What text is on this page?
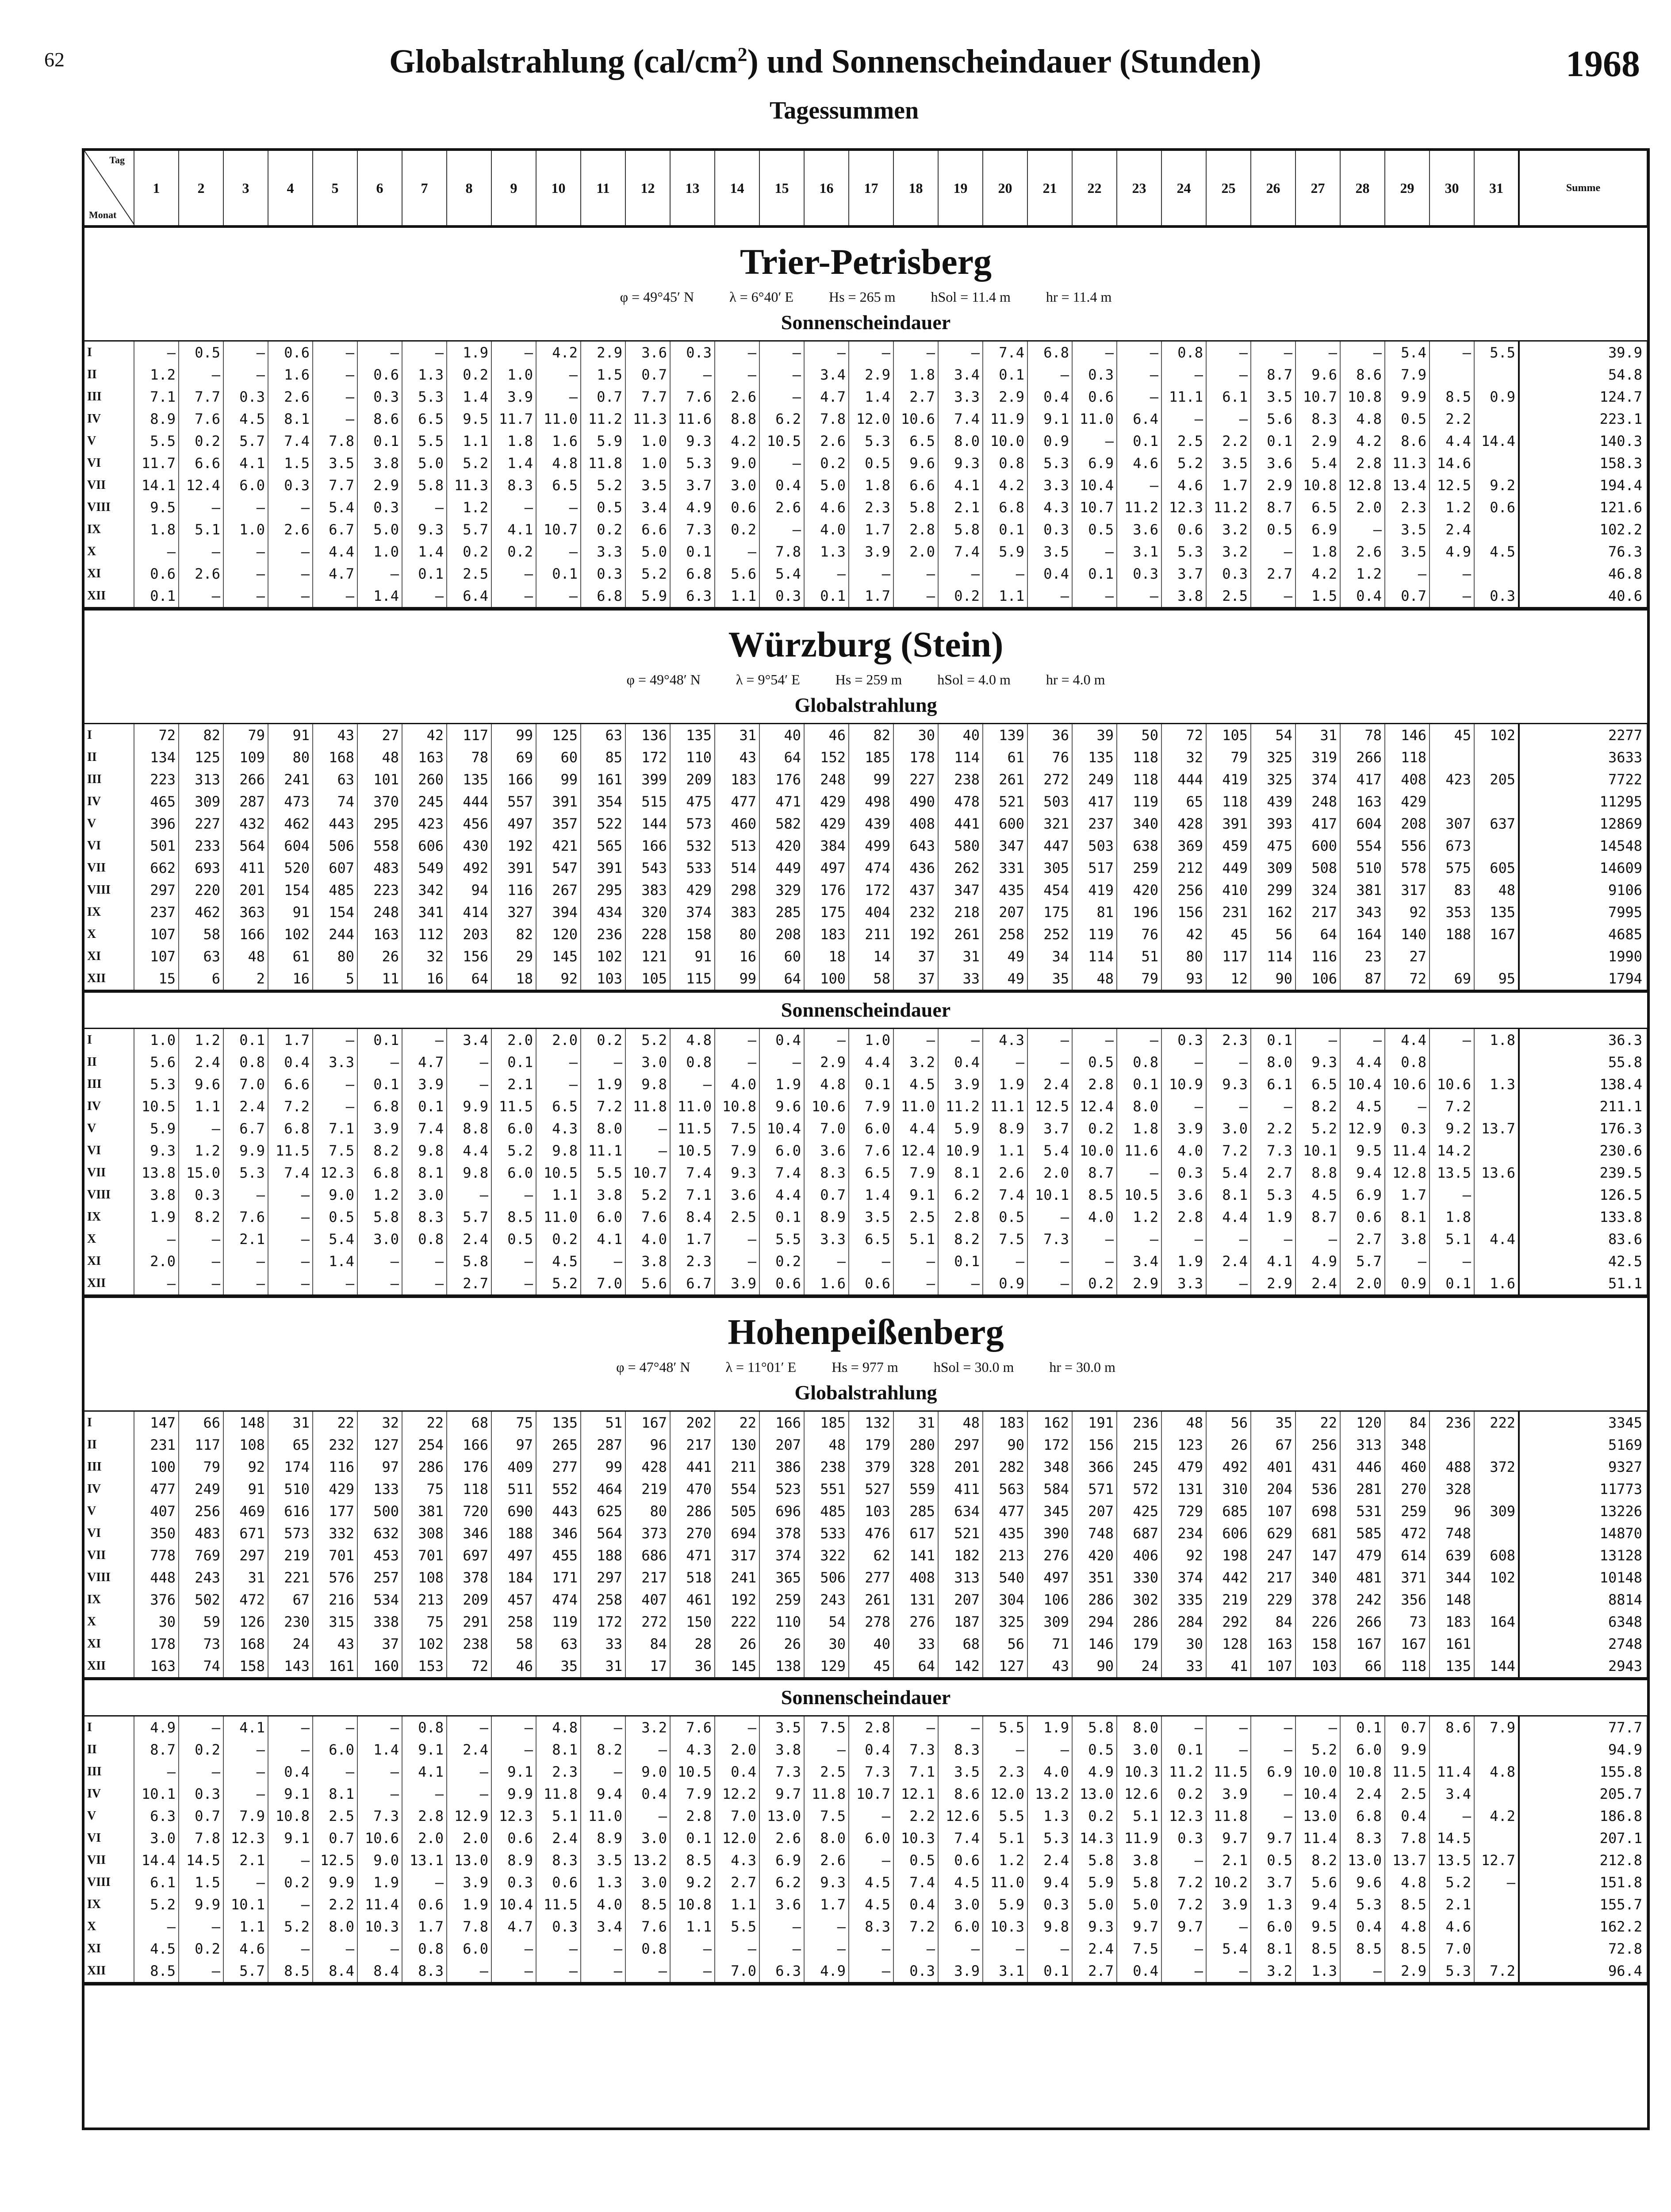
62	Globalstrahlung $(cal/cm^2)$ und Sonnenscheindauer (Stunden)	1968
Tagessummen
Tag
Monat
	1	2	3	4	5	6	7	8	9	10	11	12	13	14	15	16	17	18	19	20	21	22	23	24	25	26	27	28	29	30	31	Summe
Trier-Petrisberg
φ = 49°45′ N	λ = 6°40′ E	Hs = 265 m	hSol = 11.4 m	hr = 11.4 m
Sonnenscheindauer
I	–	0.5	–	0.6	–	–	–	1.9	–	4.2	2.9	3.6	0.3	–	–	–	–	–	–	7.4	6.8	–	–	0.8	–	–	–	–	5.4	–	5.5	39.9
II	1.2	–	–	1.6	–	0.6	1.3	0.2	1.0	–	1.5	0.7	–	–	–	3.4	2.9	1.8	3.4	0.1	–	0.3	–	–	–	8.7	9.6	8.6	7.9			54.8
III	7.1	7.7	0.3	2.6	–	0.3	5.3	1.4	3.9	–	0.7	7.7	7.6	2.6	–	4.7	1.4	2.7	3.3	2.9	0.4	0.6	–	11.1	6.1	3.5	10.7	10.8	9.9	8.5	0.9	124.7
IV	8.9	7.6	4.5	8.1	–	8.6	6.5	9.5	11.7	11.0	11.2	11.3	11.6	8.8	6.2	7.8	12.0	10.6	7.4	11.9	9.1	11.0	6.4	–	–	5.6	8.3	4.8	0.5	2.2		223.1
V	5.5	0.2	5.7	7.4	7.8	0.1	5.5	1.1	1.8	1.6	5.9	1.0	9.3	4.2	10.5	2.6	5.3	6.5	8.0	10.0	0.9	–	0.1	2.5	2.2	0.1	2.9	4.2	8.6	4.4	14.4	140.3
VI	11.7	6.6	4.1	1.5	3.5	3.8	5.0	5.2	1.4	4.8	11.8	1.0	5.3	9.0	–	0.2	0.5	9.6	9.3	0.8	5.3	6.9	4.6	5.2	3.5	3.6	5.4	2.8	11.3	14.6		158.3
VII	14.1	12.4	6.0	0.3	7.7	2.9	5.8	11.3	8.3	6.5	5.2	3.5	3.7	3.0	0.4	5.0	1.8	6.6	4.1	4.2	3.3	10.4	–	4.6	1.7	2.9	10.8	12.8	13.4	12.5	9.2	194.4
VIII	9.5	–	–	–	5.4	0.3	–	1.2	–	–	0.5	3.4	4.9	0.6	2.6	4.6	2.3	5.8	2.1	6.8	4.3	10.7	11.2	12.3	11.2	8.7	6.5	2.0	2.3	1.2	0.6	121.6
IX	1.8	5.1	1.0	2.6	6.7	5.0	9.3	5.7	4.1	10.7	0.2	6.6	7.3	0.2	–	4.0	1.7	2.8	5.8	0.1	0.3	0.5	3.6	0.6	3.2	0.5	6.9	–	3.5	2.4		102.2
X	–	–	–	–	4.4	1.0	1.4	0.2	0.2	–	3.3	5.0	0.1	–	7.8	1.3	3.9	2.0	7.4	5.9	3.5	–	3.1	5.3	3.2	–	1.8	2.6	3.5	4.9	4.5	76.3
XI	0.6	2.6	–	–	4.7	–	0.1	2.5	–	0.1	0.3	5.2	6.8	5.6	5.4	–	–	–	–	–	0.4	0.1	0.3	3.7	0.3	2.7	4.2	1.2	–	–		46.8
XII	0.1	–	–	–	–	1.4	–	6.4	–	–	6.8	5.9	6.3	1.1	0.3	0.1	1.7	–	0.2	1.1	–	–	–	3.8	2.5	–	1.5	0.4	0.7	–	0.3	40.6
Würzburg (Stein)
φ = 49°48′ N	λ = 9°54′ E	Hs = 259 m	hSol = 4.0 m	hr = 4.0 m
Globalstrahlung
I	72	82	79	91	43	27	42	117	99	125	63	136	135	31	40	46	82	30	40	139	36	39	50	72	105	54	31	78	146	45	102	2277
II	134	125	109	80	168	48	163	78	69	60	85	172	110	43	64	152	185	178	114	61	76	135	118	32	79	325	319	266	118			3633
III	223	313	266	241	63	101	260	135	166	99	161	399	209	183	176	248	99	227	238	261	272	249	118	444	419	325	374	417	408	423	205	7722
IV	465	309	287	473	74	370	245	444	557	391	354	515	475	477	471	429	498	490	478	521	503	417	119	65	118	439	248	163	429			11295
V	396	227	432	462	443	295	423	456	497	357	522	144	573	460	582	429	439	408	441	600	321	237	340	428	391	393	417	604	208	307	637	12869
VI	501	233	564	604	506	558	606	430	192	421	565	166	532	513	420	384	499	643	580	347	447	503	638	369	459	475	600	554	556	673		14548
VII	662	693	411	520	607	483	549	492	391	547	391	543	533	514	449	497	474	436	262	331	305	517	259	212	449	309	508	510	578	575	605	14609
VIII	297	220	201	154	485	223	342	94	116	267	295	383	429	298	329	176	172	437	347	435	454	419	420	256	410	299	324	381	317	83	48	9106
IX	237	462	363	91	154	248	341	414	327	394	434	320	374	383	285	175	404	232	218	207	175	81	196	156	231	162	217	343	92	353	135	7995
X	107	58	166	102	244	163	112	203	82	120	236	228	158	80	208	183	211	192	261	258	252	119	76	42	45	56	64	164	140	188	167	4685
XI	107	63	48	61	80	26	32	156	29	145	102	121	91	16	60	18	14	37	31	49	34	114	51	80	117	114	116	23	27			1990
XII	15	6	2	16	5	11	16	64	18	92	103	105	115	99	64	100	58	37	33	49	35	48	79	93	12	90	106	87	72	69	95	1794
Sonnenscheindauer
I	1.0	1.2	0.1	1.7	–	0.1	–	3.4	2.0	2.0	0.2	5.2	4.8	–	0.4	–	1.0	–	–	4.3	–	–	–	0.3	2.3	0.1	–	–	4.4	–	1.8	36.3
II	5.6	2.4	0.8	0.4	3.3	–	4.7	–	0.1	–	–	3.0	0.8	–	–	2.9	4.4	3.2	0.4	–	–	0.5	0.8	–	–	8.0	9.3	4.4	0.8			55.8
III	5.3	9.6	7.0	6.6	–	0.1	3.9	–	2.1	–	1.9	9.8	–	4.0	1.9	4.8	0.1	4.5	3.9	1.9	2.4	2.8	0.1	10.9	9.3	6.1	6.5	10.4	10.6	10.6	1.3	138.4
IV	10.5	1.1	2.4	7.2	–	6.8	0.1	9.9	11.5	6.5	7.2	11.8	11.0	10.8	9.6	10.6	7.9	11.0	11.2	11.1	12.5	12.4	8.0	–	–	–	8.2	4.5	–	7.2		211.1
V	5.9	–	6.7	6.8	7.1	3.9	7.4	8.8	6.0	4.3	8.0	–	11.5	7.5	10.4	7.0	6.0	4.4	5.9	8.9	3.7	0.2	1.8	3.9	3.0	2.2	5.2	12.9	0.3	9.2	13.7	176.3
VI	9.3	1.2	9.9	11.5	7.5	8.2	9.8	4.4	5.2	9.8	11.1	–	10.5	7.9	6.0	3.6	7.6	12.4	10.9	1.1	5.4	10.0	11.6	4.0	7.2	7.3	10.1	9.5	11.4	14.2		230.6
VII	13.8	15.0	5.3	7.4	12.3	6.8	8.1	9.8	6.0	10.5	5.5	10.7	7.4	9.3	7.4	8.3	6.5	7.9	8.1	2.6	2.0	8.7	–	0.3	5.4	2.7	8.8	9.4	12.8	13.5	13.6	239.5
VIII	3.8	0.3	–	–	9.0	1.2	3.0	–	–	1.1	3.8	5.2	7.1	3.6	4.4	0.7	1.4	9.1	6.2	7.4	10.1	8.5	10.5	3.6	8.1	5.3	4.5	6.9	1.7	–		126.5
IX	1.9	8.2	7.6	–	0.5	5.8	8.3	5.7	8.5	11.0	6.0	7.6	8.4	2.5	0.1	8.9	3.5	2.5	2.8	0.5	–	4.0	1.2	2.8	4.4	1.9	8.7	0.6	8.1	1.8		133.8
X	–	–	2.1	–	5.4	3.0	0.8	2.4	0.5	0.2	4.1	4.0	1.7	–	5.5	3.3	6.5	5.1	8.2	7.5	7.3	–	–	–	–	–	–	2.7	3.8	5.1	4.4	83.6
XI	2.0	–	–	–	1.4	–	–	5.8	–	4.5	–	3.8	2.3	–	0.2	–	–	–	0.1	–	–	–	3.4	1.9	2.4	4.1	4.9	5.7	–	–		42.5
XII	–	–	–	–	–	–	–	2.7	–	5.2	7.0	5.6	6.7	3.9	0.6	1.6	0.6	–	–	0.9	–	0.2	2.9	3.3	–	2.9	2.4	2.0	0.9	0.1	1.6	51.1
Hohenpeißenberg
φ = 47°48′ N	λ = 11°01′ E	Hs = 977 m	hSol = 30.0 m	hr = 30.0 m
Globalstrahlung
I	147	66	148	31	22	32	22	68	75	135	51	167	202	22	166	185	132	31	48	183	162	191	236	48	56	35	22	120	84	236	222	3345
II	231	117	108	65	232	127	254	166	97	265	287	96	217	130	207	48	179	280	297	90	172	156	215	123	26	67	256	313	348			5169
III	100	79	92	174	116	97	286	176	409	277	99	428	441	211	386	238	379	328	201	282	348	366	245	479	492	401	431	446	460	488	372	9327
IV	477	249	91	510	429	133	75	118	511	552	464	219	470	554	523	551	527	559	411	563	584	571	572	131	310	204	536	281	270	328		11773
V	407	256	469	616	177	500	381	720	690	443	625	80	286	505	696	485	103	285	634	477	345	207	425	729	685	107	698	531	259	96	309	13226
VI	350	483	671	573	332	632	308	346	188	346	564	373	270	694	378	533	476	617	521	435	390	748	687	234	606	629	681	585	472	748		14870
VII	778	769	297	219	701	453	701	697	497	455	188	686	471	317	374	322	62	141	182	213	276	420	406	92	198	247	147	479	614	639	608	13128
VIII	448	243	31	221	576	257	108	378	184	171	297	217	518	241	365	506	277	408	313	540	497	351	330	374	442	217	340	481	371	344	102	10148
IX	376	502	472	67	216	534	213	209	457	474	258	407	461	192	259	243	261	131	207	304	106	286	302	335	219	229	378	242	356	148		8814
X	30	59	126	230	315	338	75	291	258	119	172	272	150	222	110	54	278	276	187	325	309	294	286	284	292	84	226	266	73	183	164	6348
XI	178	73	168	24	43	37	102	238	58	63	33	84	28	26	26	30	40	33	68	56	71	146	179	30	128	163	158	167	167	161		2748
XII	163	74	158	143	161	160	153	72	46	35	31	17	36	145	138	129	45	64	142	127	43	90	24	33	41	107	103	66	118	135	144	2943
Sonnenscheindauer
I	4.9	–	4.1	–	–	–	0.8	–	–	4.8	–	3.2	7.6	–	3.5	7.5	2.8	–	–	5.5	1.9	5.8	8.0	–	–	–	–	0.1	0.7	8.6	7.9	77.7
II	8.7	0.2	–	–	6.0	1.4	9.1	2.4	–	8.1	8.2	–	4.3	2.0	3.8	–	0.4	7.3	8.3	–	–	0.5	3.0	0.1	–	–	5.2	6.0	9.9			94.9
III	–	–	–	0.4	–	–	4.1	–	9.1	2.3	–	9.0	10.5	0.4	7.3	2.5	7.3	7.1	3.5	2.3	4.0	4.9	10.3	11.2	11.5	6.9	10.0	10.8	11.5	11.4	4.8	155.8
IV	10.1	0.3	–	9.1	8.1	–	–	–	9.9	11.8	9.4	0.4	7.9	12.2	9.7	11.8	10.7	12.1	8.6	12.0	13.2	13.0	12.6	0.2	3.9	–	10.4	2.4	2.5	3.4		205.7
V	6.3	0.7	7.9	10.8	2.5	7.3	2.8	12.9	12.3	5.1	11.0	–	2.8	7.0	13.0	7.5	–	2.2	12.6	5.5	1.3	0.2	5.1	12.3	11.8	–	13.0	6.8	0.4	–	4.2	186.8
VI	3.0	7.8	12.3	9.1	0.7	10.6	2.0	2.0	0.6	2.4	8.9	3.0	0.1	12.0	2.6	8.0	6.0	10.3	7.4	5.1	5.3	14.3	11.9	0.3	9.7	9.7	11.4	8.3	7.8	14.5		207.1
VII	14.4	14.5	2.1	–	12.5	9.0	13.1	13.0	8.9	8.3	3.5	13.2	8.5	4.3	6.9	2.6	–	0.5	0.6	1.2	2.4	5.8	3.8	–	2.1	0.5	8.2	13.0	13.7	13.5	12.7	212.8
VIII	6.1	1.5	–	0.2	9.9	1.9	–	3.9	0.3	0.6	1.3	3.0	9.2	2.7	6.2	9.3	4.5	7.4	4.5	11.0	9.4	5.9	5.8	7.2	10.2	3.7	5.6	9.6	4.8	5.2	–	151.8
IX	5.2	9.9	10.1	–	2.2	11.4	0.6	1.9	10.4	11.5	4.0	8.5	10.8	1.1	3.6	1.7	4.5	0.4	3.0	5.9	0.3	5.0	5.0	7.2	3.9	1.3	9.4	5.3	8.5	2.1		155.7
X	–	–	1.1	5.2	8.0	10.3	1.7	7.8	4.7	0.3	3.4	7.6	1.1	5.5	–	–	8.3	7.2	6.0	10.3	9.8	9.3	9.7	9.7	–	6.0	9.5	0.4	4.8	4.6		162.2
XI	4.5	0.2	4.6	–	–	–	0.8	6.0	–	–	–	0.8	–	–	–	–	–	–	–	–	–	2.4	7.5	–	5.4	8.1	8.5	8.5	8.5	7.0		72.8
XII	8.5	–	5.7	8.5	8.4	8.4	8.3	–	–	–	–	–	–	7.0	6.3	4.9	–	0.3	3.9	3.1	0.1	2.7	0.4	–	–	3.2	1.3	–	2.9	5.3	7.2	96.4
